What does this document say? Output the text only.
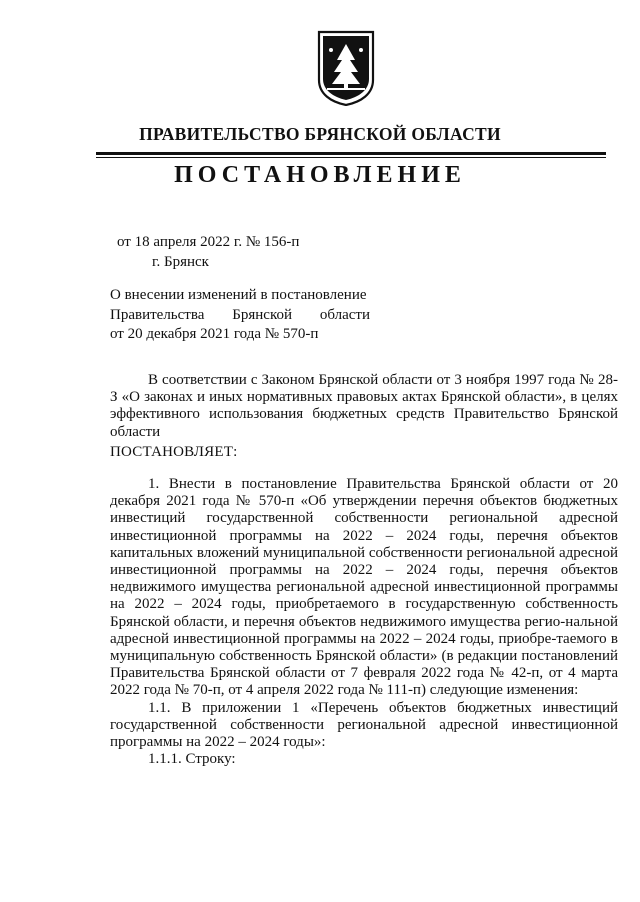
ПРАВИТЕЛЬСТВО БРЯНСКОЙ ОБЛАСТИ
ПОСТАНОВЛЕНИЕ
от 18 апреля 2022 г. № 156-п
г. Брянск
О внесении изменений в постановление
Правительства Брянской области
от 20 декабря 2021 года № 570-п

В соответствии с Законом Брянской области от 3 ноября 1997 года № 28-З «О законах и иных нормативных правовых актах Брянской области», в целях эффективного использования бюджетных средств Правительство Брянской области

ПОСТАНОВЛЯЕТ:

1. Внести в постановление Правительства Брянской области от 20 декабря 2021 года № 570-п «Об утверждении перечня объектов бюджетных инвестиций государственной собственности региональной адресной инвестиционной программы на 2022 – 2024 годы, перечня объектов капитальных вложений муниципальной собственности региональной адресной инвестиционной программы на 2022 – 2024 годы, перечня объектов недвижимого имущества региональной адресной инвестиционной программы на 2022 – 2024 годы, приобретаемого в государственную собственность Брянской области, и перечня объектов недвижимого имущества регио-нальной адресной инвестиционной программы на 2022 – 2024 годы, приобре-таемого в муниципальную собственность Брянской области» (в редакции постановлений Правительства Брянской области от 7 февраля 2022 года № 42-п, от 4 марта 2022 года № 70-п, от 4 апреля 2022 года № 111-п) следующие изменения:

1.1. В приложении 1 «Перечень объектов бюджетных инвестиций государственной собственности региональной адресной инвестиционной программы на 2022 – 2024 годы»:

1.1.1. Строку:
